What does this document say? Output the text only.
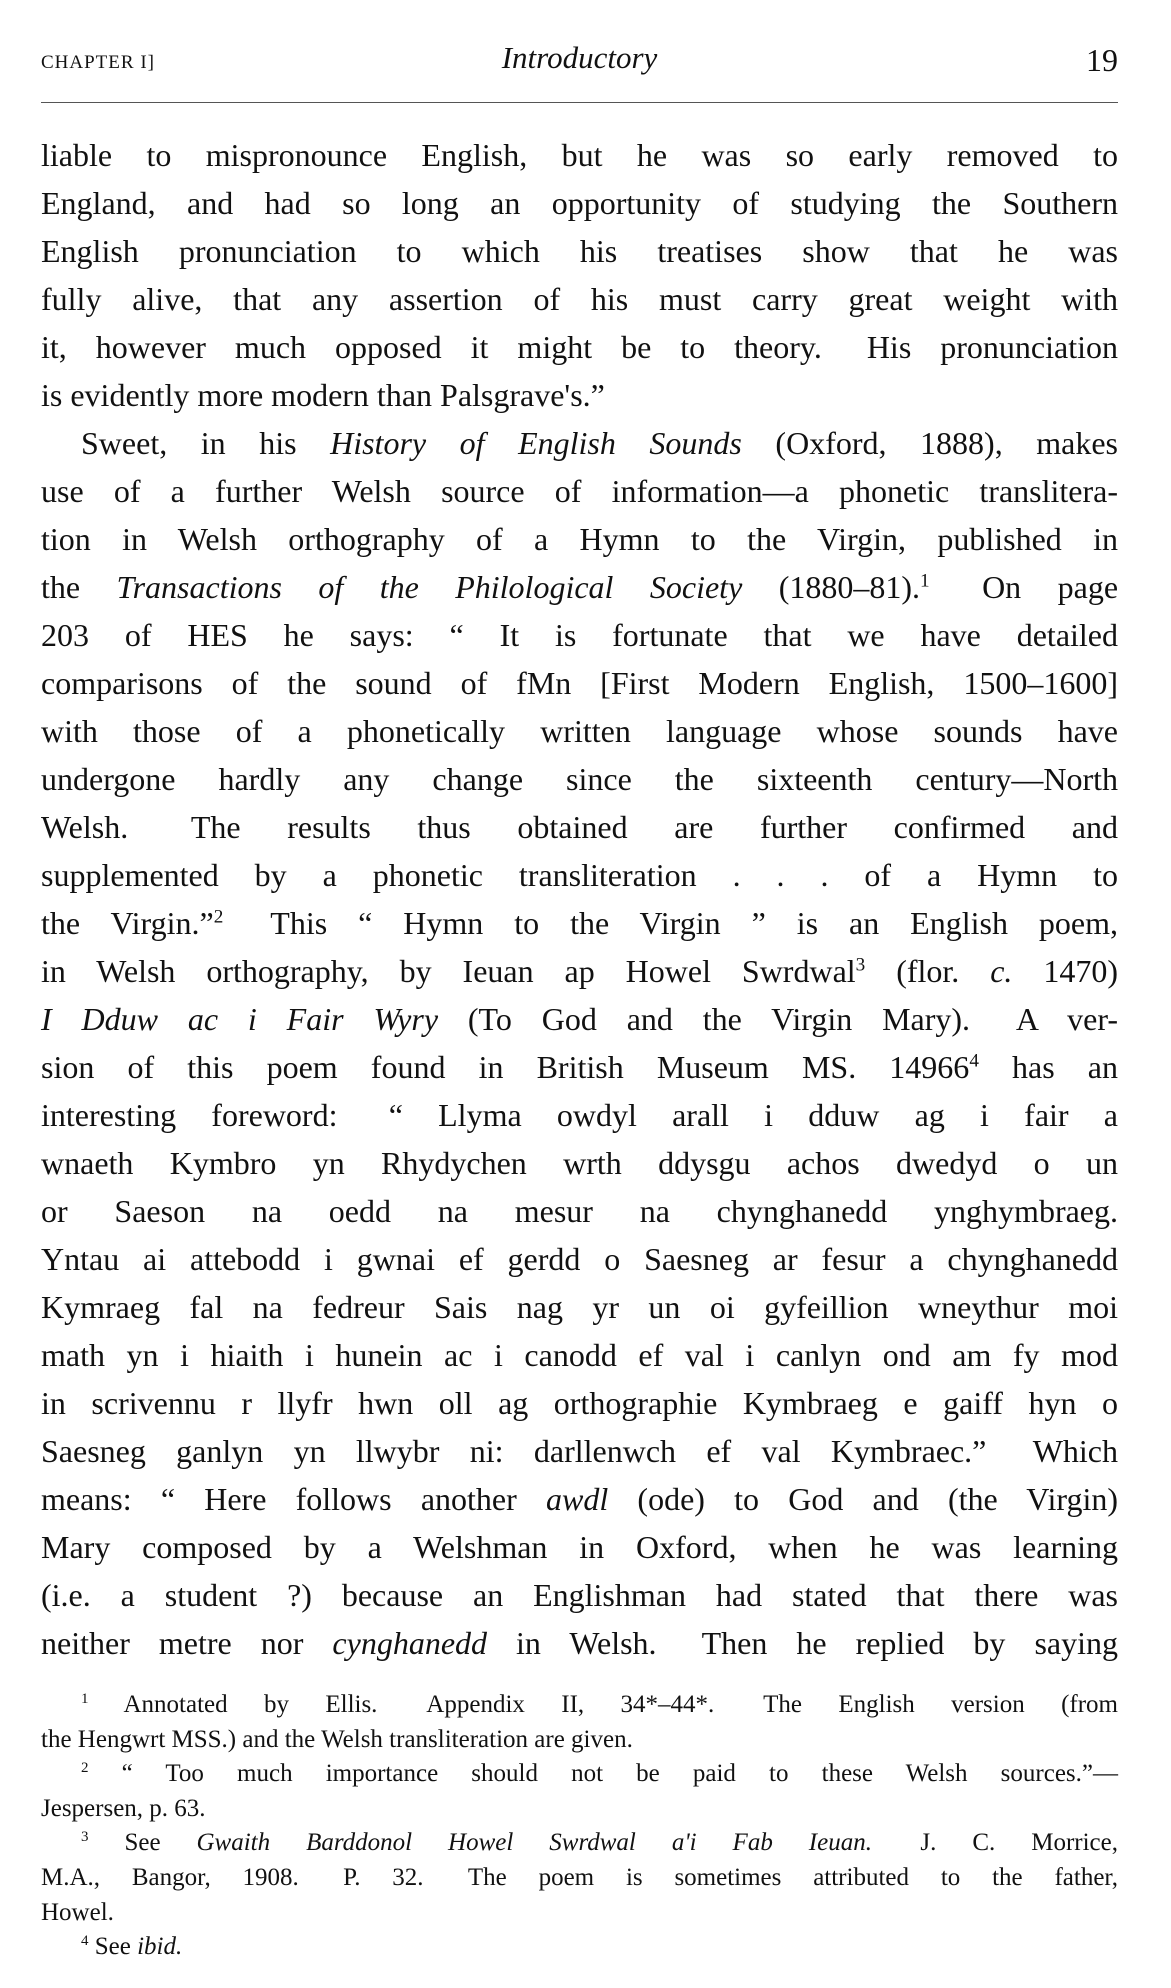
CHAPTER I]	Introductory	19
liable to mispronounce English, but he was so early removed to
England, and had so long an opportunity of studying the Southern
English pronunciation to which his treatises show that he was
fully alive, that any assertion of his must carry great weight with
it, however much opposed it might be to theory.  His pronunciation
is evidently more modern than Palsgrave's.”
Sweet, in his History of English Sounds (Oxford, 1888), makes
use of a further Welsh source of information—a phonetic translitera-
tion in Welsh orthography of a Hymn to the Virgin, published in
the Transactions of the Philological Society (1880–81).$^1$  On page
203 of HES he says: “ It is fortunate that we have detailed
comparisons of the sound of fMn [First Modern English, 1500–1600]
with those of a phonetically written language whose sounds have
undergone hardly any change since the sixteenth century—North
Welsh.  The results thus obtained are further confirmed and
supplemented by a phonetic transliteration . . . of a Hymn to
the Virgin.”$^2$  This “ Hymn to the Virgin ” is an English poem,
in Welsh orthography, by Ieuan ap Howel Swrdwal$^3$ (flor. c. 1470)
I Dduw ac i Fair Wyry (To God and the Virgin Mary).  A ver-
sion of this poem found in British Museum MS. 14966$^4$ has an
interesting foreword:  “ Llyma owdyl arall i dduw ag i fair a
wnaeth Kymbro yn Rhydychen wrth ddysgu achos dwedyd o un
or Saeson na oedd na mesur na chynghanedd ynghymbraeg.
Yntau ai attebodd i gwnai ef gerdd o Saesneg ar fesur a chynghanedd
Kymraeg fal na fedreur Sais nag yr un oi gyfeillion wneythur moi
math yn i hiaith i hunein ac i canodd ef val i canlyn ond am fy mod
in scrivennu r llyfr hwn oll ag orthographie Kymbraeg e gaiff hyn o
Saesneg ganlyn yn llwybr ni: darllenwch ef val Kymbraec.”  Which
means: “ Here follows another awdl (ode) to God and (the Virgin)
Mary composed by a Welshman in Oxford, when he was learning
(i.e. a student ?) because an Englishman had stated that there was
neither metre nor cynghanedd in Welsh.  Then he replied by saying
$^1$ Annotated by Ellis.  Appendix II, 34*–44*.  The English version (from
the Hengwrt MSS.) and the Welsh transliteration are given.
$^2$ “ Too much importance should not be paid to these Welsh sources.”—
Jespersen, p. 63.
$^3$ See Gwaith Barddonol Howel Swrdwal a'i Fab Ieuan.  J. C. Morrice,
M.A., Bangor, 1908.  P. 32.  The poem is sometimes attributed to the father,
Howel.
$^4$ See ibid.
